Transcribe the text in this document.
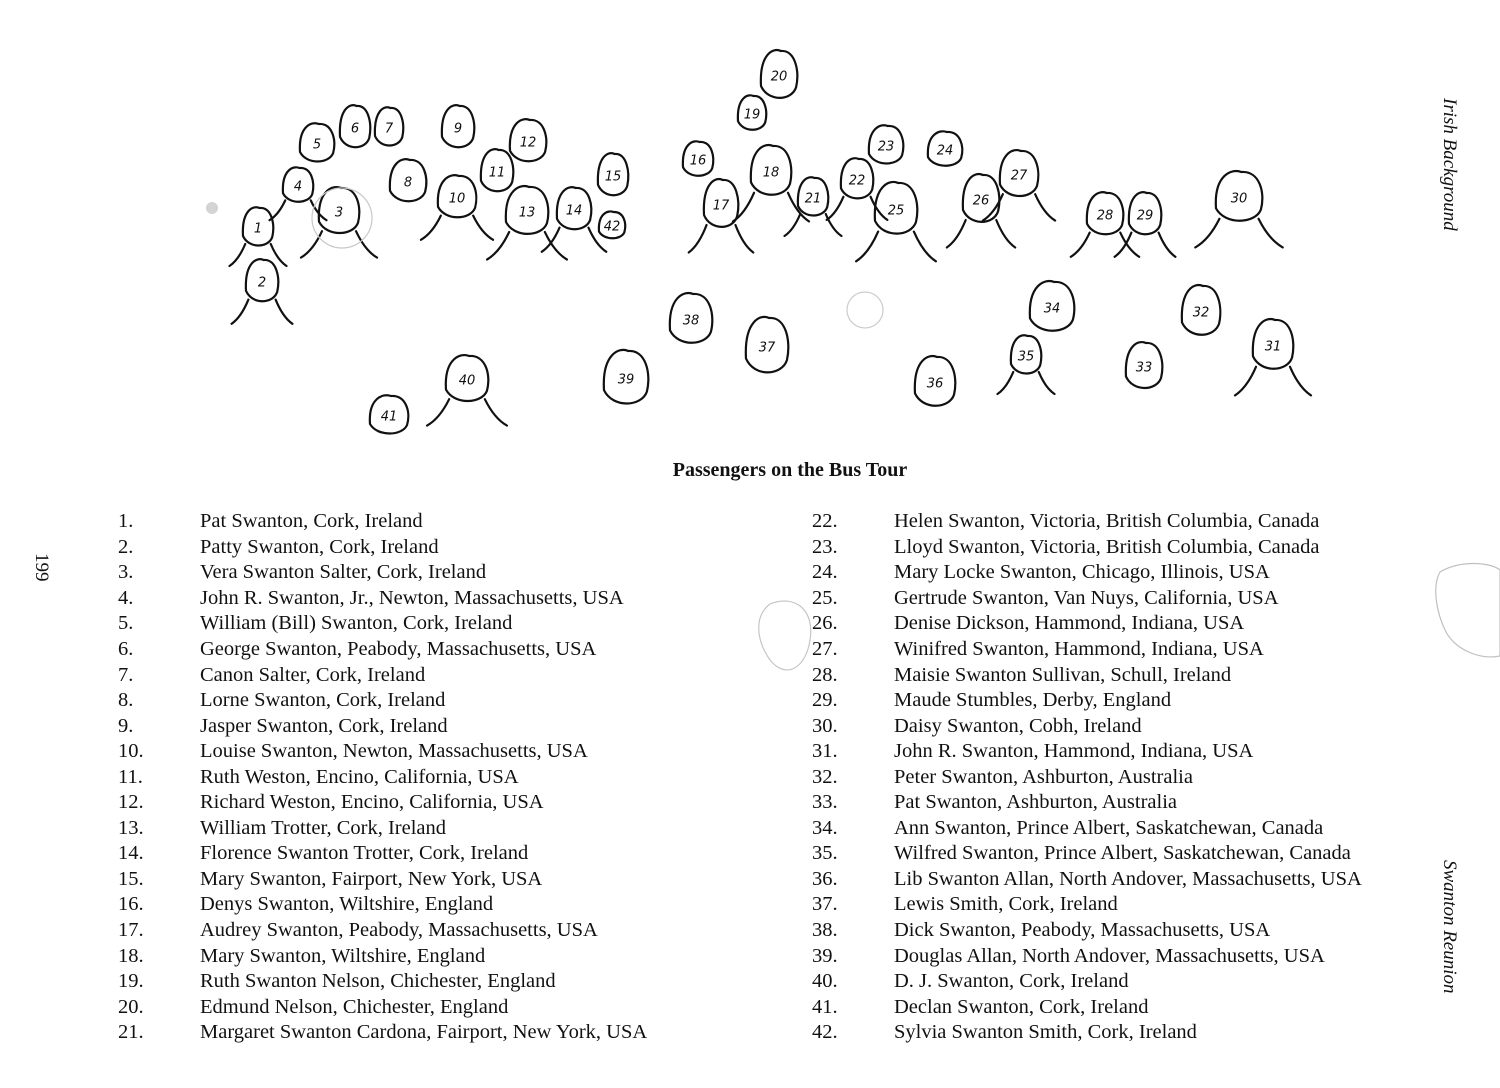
1
2
3
4
5
6 7
8
9
10
11
12
13 14
15
16
17
18
19
20
21
22
23	24
25
26
27
28 29
30
31
32
33
34
35
36
37
38
39
40
41
42	Irish Background
Swanton Reunion
199
Passengers on the Bus Tour
1.	Pat Swanton, Cork, Ireland
2.	Patty Swanton, Cork, Ireland
3.	Vera Swanton Salter, Cork, Ireland
4.	John R. Swanton, Jr., Newton, Massachusetts, USA
5.	William (Bill) Swanton, Cork, Ireland
6.	George Swanton, Peabody, Massachusetts, USA
7.	Canon Salter, Cork, Ireland
8.	Lorne Swanton, Cork, Ireland
9.	Jasper Swanton, Cork, Ireland
10.	Louise Swanton, Newton, Massachusetts, USA
11.	Ruth Weston, Encino, California, USA
12.	Richard Weston, Encino, California, USA
13.	William Trotter, Cork, Ireland
14.	Florence Swanton Trotter, Cork, Ireland
15.	Mary Swanton, Fairport, New York, USA
16.	Denys Swanton, Wiltshire, England
17.	Audrey Swanton, Peabody, Massachusetts, USA
18.	Mary Swanton, Wiltshire, England
19.	Ruth Swanton Nelson, Chichester, England
20.	Edmund Nelson, Chichester, England
21.	Margaret Swanton Cardona, Fairport, New York, USA
22.	Helen Swanton, Victoria, British Columbia, Canada
23.	Lloyd Swanton, Victoria, British Columbia, Canada
24.	Mary Locke Swanton, Chicago, Illinois, USA
25.	Gertrude Swanton, Van Nuys, California, USA
26.	Denise Dickson, Hammond, Indiana, USA
27.	Winifred Swanton, Hammond, Indiana, USA
28.	Maisie Swanton Sullivan, Schull, Ireland
29.	Maude Stumbles, Derby, England
30.	Daisy Swanton, Cobh, Ireland
31.	John R. Swanton, Hammond, Indiana, USA
32.	Peter Swanton, Ashburton, Australia
33.	Pat Swanton, Ashburton, Australia
34.	Ann Swanton, Prince Albert, Saskatchewan, Canada
35.	Wilfred Swanton, Prince Albert, Saskatchewan, Canada
36.	Lib Swanton Allan, North Andover, Massachusetts, USA
37.	Lewis Smith, Cork, Ireland
38.	Dick Swanton, Peabody, Massachusetts, USA
39.	Douglas Allan, North Andover, Massachusetts, USA
40.	D. J. Swanton, Cork, Ireland
41.	Declan Swanton, Cork, Ireland
42.	Sylvia Swanton Smith, Cork, Ireland
